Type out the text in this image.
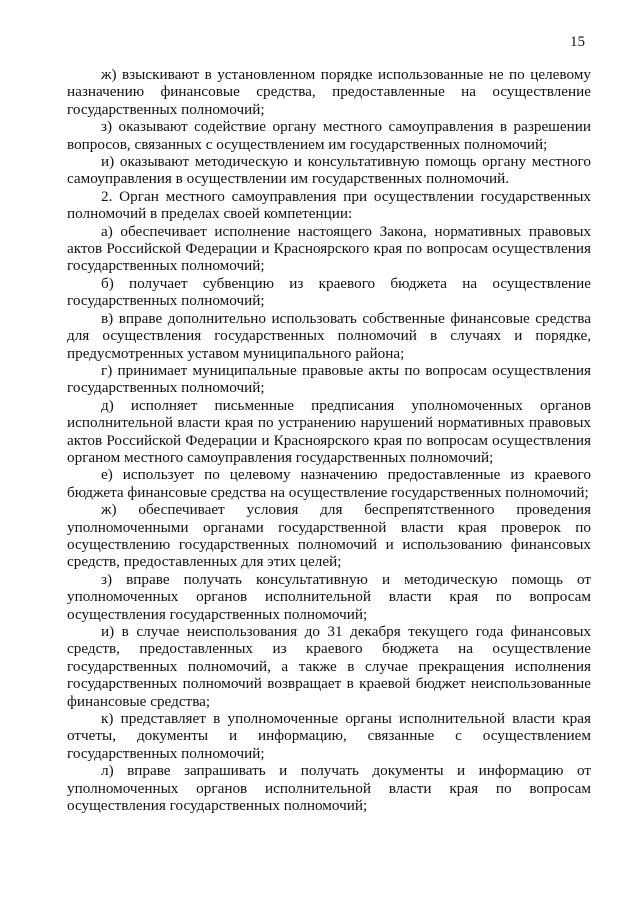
15

ж) взыскивают в установленном порядке использованные не по целевому назначению финансовые средства, предоставленные на осуществление государственных полномочий;

з) оказывают содействие органу местного самоуправления в разрешении вопросов, связанных с осуществлением им государственных полномочий;

и) оказывают методическую и консультативную помощь органу местного самоуправления в осуществлении им государственных полномочий.

2. Орган местного самоуправления при осуществлении государственных полномочий в пределах своей компетенции:

а) обеспечивает исполнение настоящего Закона, нормативных правовых актов Российской Федерации и Красноярского края по вопросам осуществления государственных полномочий;

б) получает субвенцию из краевого бюджета на осуществление государственных полномочий;

в) вправе дополнительно использовать собственные финансовые средства для осуществления государственных полномочий в случаях и порядке, предусмотренных уставом муниципального района;

г) принимает муниципальные правовые акты по вопросам осуществления государственных полномочий;

д) исполняет письменные предписания уполномоченных органов исполнительной власти края по устранению нарушений нормативных правовых актов Российской Федерации и Красноярского края по вопросам осуществления органом местного самоуправления государственных полномочий;

е) использует по целевому назначению предоставленные из краевого бюджета финансовые средства на осуществление государственных полномочий;

ж) обеспечивает условия для беспрепятственного проведения уполномоченными органами государственной власти края проверок по осуществлению государственных полномочий и использованию финансовых средств, предоставленных для этих целей;

з) вправе получать консультативную и методическую помощь от уполномоченных органов исполнительной власти края по вопросам осуществления государственных полномочий;

и) в случае неиспользования до 31 декабря текущего года финансовых средств, предоставленных из краевого бюджета на осуществление государственных полномочий, а также в случае прекращения исполнения государственных полномочий возвращает в краевой бюджет неиспользованные финансовые средства;

к) представляет в уполномоченные органы исполнительной власти края отчеты, документы и информацию, связанные с осуществлением государственных полномочий;

л) вправе запрашивать и получать документы и информацию от уполномоченных органов исполнительной власти края по вопросам осуществления государственных полномочий;
